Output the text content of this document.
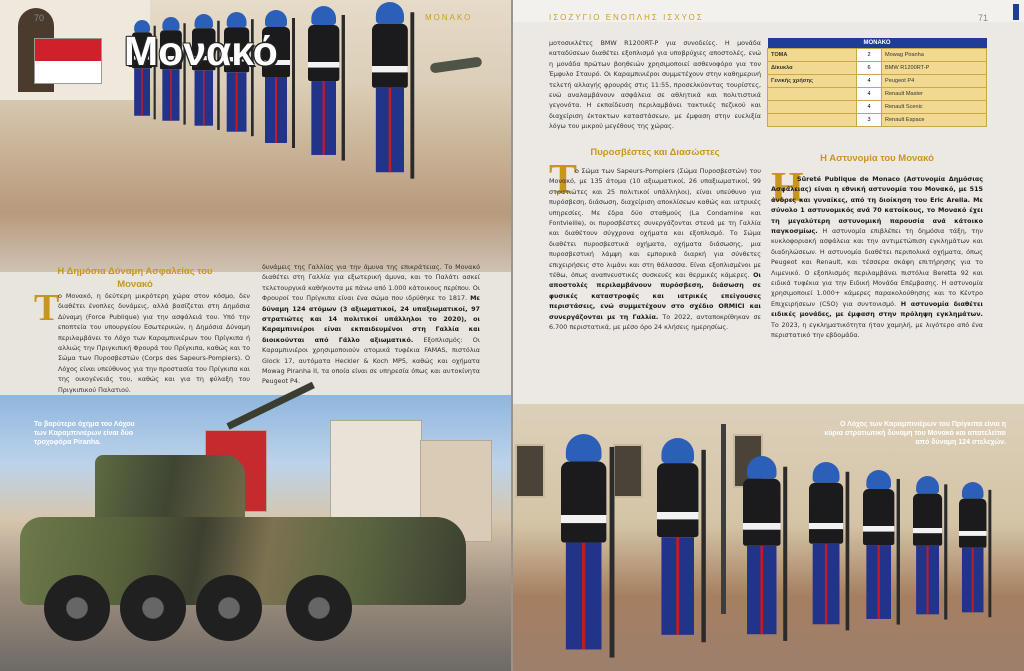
70	ΜΟΝΑΚΟ
Μονακό
Η Δημόσια Δύναμη Ασφαλείας του Μονακό
Τ
ο Μονακό, η δεύτερη μικρότερη χώρα στον κόσμο, δεν διαθέτει ένοπλες δυνάμεις, αλλά βασίζεται στη Δημόσια Δύναμη (Force Publique) για την ασφάλειά του. Υπό την εποπτεία του υπουργείου Εσωτερικών, η Δημόσια Δύναμη περιλαμβάνει το Λόχο των Καραμπινιέρων του Πρίγκιπα ή αλλιώς την Πριγκιπική Φρουρά του Πρίγκιπα, καθώς και το Σώμα των Πυροσβεστών (Corps des Sapeurs-Pompiers). Ο Λόχος είναι υπεύθυνος για την προστασία του Πρίγκιπα και της οικογένειάς του, καθώς και για τη φύλαξη του Πριγκιπικού Παλατιού.
δυνάμεις της Γαλλίας για την άμυνα της επικράτειας. Το Μονακό διαθέτει στη Γαλλία για εξωτερική άμυνα, και το Παλάτι ασκεί τελετουργικά καθήκοντα με πάνω από 1.000 κάτοικους περίπου. Οι Φρουροί του Πρίγκιπα είναι ένα σώμα που ιδρύθηκε το 1817. Με δύναμη 124 ατόμων (3 αξιωματικοί, 24 υπαξιωματικοί, 97 στρατιώτες και 14 πολιτικοί υπάλληλοι το 2020), οι Καραμπινιέροι είναι εκπαιδευμένοι στη Γαλλία και διοικούνται από Γάλλο αξιωματικό. Εξοπλισμός: Οι Καραμπινιέροι χρησιμοποιούν ατομικά τυφέκια FAMAS, πιστόλια Glock 17, αυτόματα Heckler & Koch MP5, καθώς και οχήματα Mowag Piranha II, τα οποία είναι σε υπηρεσία όπως και αυτοκίνητα Peugeot P4.
Το βαρύτερο όχημα του Λόχου των Καραμπινιέρων είναι δύο τροχοφόρα Piranha.
ΙΣΟΖΥΓΙΟ ΕΝΟΠΛΗΣ ΙΣΧΥΟΣ	71
μοτοσικλέτες BMW R1200RT-P για συνοδείες. Η μονάδα καταδύσεων διαθέτει εξοπλισμό για υποβρύχιες αποστολές, ενώ η μονάδα πρώτων βοηθειών χρησιμοποιεί ασθενοφόρο για τον Έμφυλο Σταυρό. Οι Καραμπινιέροι συμμετέχουν στην καθημερινή τελετή αλλαγής φρουράς στις 11:55, προσελκύοντας τουρίστες, ενώ αναλαμβάνουν ασφάλεια σε αθλητικά και πολιτιστικά γεγονότα. Η εκπαίδευση περιλαμβάνει τακτικές πεζικού και διαχείριση έκτακτων καταστάσεων, με έμφαση στην ευελιξία λόγω του μικρού μεγέθους της χώρας.
ΜΟΝΑΚΟ		
ΤΟΜΑ	2	Mowag Piranha
Δίκυκλα	6	BMW R1200RT-P
Γενικής χρήσης	4	Peugeot P4
	4	Renault Master
	4	Renault Scenic
	3	Renault Espace
Πυροσβέστες και Διασώστες
Τ
ο Σώμα των Sapeurs-Pompiers (Σώμα Πυροσβεστών) του Μονακό, με 135 άτομα (10 αξιωματικοί, 26 υπαξιωματικοί, 99 στρατιώτες και 25 πολιτικοί υπάλληλοι), είναι υπεύθυνο για πυρόσβεση, διάσωση, διαχείριση αποκλίσεων καθώς και ιατρικές υπηρεσίες. Με έδρα δύο σταθμούς (La Condamine και Fontvieille), οι πυροσβέστες συνεργάζονται στενά με τη Γαλλία και διαθέτουν σύγχρονα οχήματα και εξοπλισμό. Το Σώμα διαθέτει πυροσβεστικά οχήματα, οχήματα διάσωσης, μια πυροσβεστική λάμψη και εμπορικά διαρκή για σύνθετες επιχειρήσεις στο λιμάνι και στη θάλασσα. Είναι εξοπλισμένοι με τέθω, όπως αναπνευστικές συσκευές και θερμικές κάμερες. Οι αποστολές περιλαμβάνουν πυρόσβεση, διάσωση σε φυσικές καταστροφές και ιατρικές επείγουσες περιστάσεις, ενώ συμμετέχουν στο σχέδιο ORMICI και συνεργάζονται με τη Γαλλία. Το 2022, ανταποκρίθηκαν σε 6.700 περιστατικά, με μέσο όρο 24 κλήσεις ημερησίως.
Η Αστυνομία του Μονακό
Η
Sûreté Publique de Monaco (Αστυνομία Δημόσιας Ασφάλειας) είναι η εθνική αστυνομία του Μονακό, με 515 άνδρες και γυναίκες, από τη διοίκηση του Eric Arella. Με σύνολο 1 αστυνομικός ανά 70 κατοίκους, το Μονακό έχει τη μεγαλύτερη αστυνομική παρουσία ανά κάτοικο παγκοσμίως. Η αστυνομία επιβλέπει τη δημόσια τάξη, την κυκλοφοριακή ασφάλεια και την αντιμετώπιση εγκλημάτων και διαδηλώσεων. Η αστυνομία διαθέτει περιπολικά οχήματα, όπως Peugeot και Renault, και τέσσερα σκάφη επιτήρησης για το Λιμενικό. Ο εξοπλισμός περιλαμβάνει πιστόλια Beretta 92 και ειδικά τυφέκια για την Ειδική Μονάδα Επέμβασης. Η αστυνομία χρησιμοποιεί 1.000+ κάμερες παρακολούθησης και το Κέντρο Επιχειρήσεων (CSO) για συντονισμό. Η αστυνομία διαθέτει ειδικές μονάδες, με έμφαση στην πρόληψη εγκλημάτων. Το 2023, η εγκληματικότητα ήταν χαμηλή, με λιγότερο από ένα περιστατικό την εβδομάδα.
Ο Λόχος των Καραμπινιέρων του Πρίγκιπα είναι η κύρια στρατιωτική δύναμη του Μονακό και αποτελείται από δύναμη 124 στελεχών.
